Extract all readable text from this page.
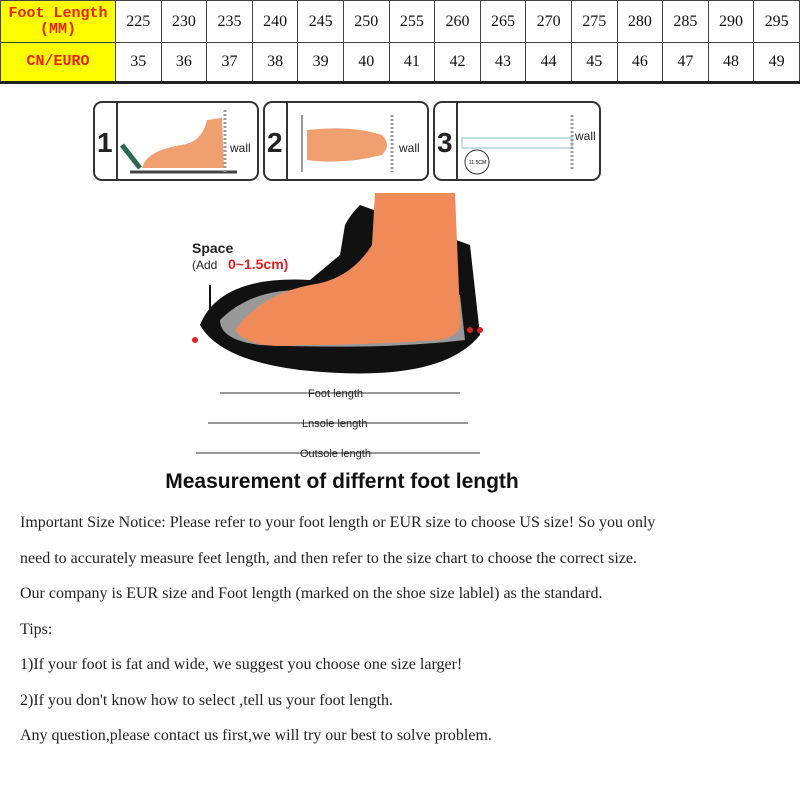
Foot Length
(MM)	225	230	235	240	245	250	255	260	265	270	275	280	285	290	295
CN/EURO	35	36	37	38	39	40	41	42	43	44	45	46	47	48	49
1	wall 2	wall 3
11.5CM
wall
Space
(Add 0~1.5cm)
Foot length
Lnsole length
Outsole length
Measurement of differnt foot length

Important Size Notice: Please refer to your foot length or EUR size to choose US size! So you only

need to accurately measure feet length, and then refer to the size chart to choose the correct size.

Our company is EUR size and Foot length (marked on the shoe size lablel) as the standard.

Tips:

1)If your foot is fat and wide, we suggest you choose one size larger!

2)If you don't know how to select ,tell us your foot length.

Any question,please contact us first,we will try our best to solve problem.
